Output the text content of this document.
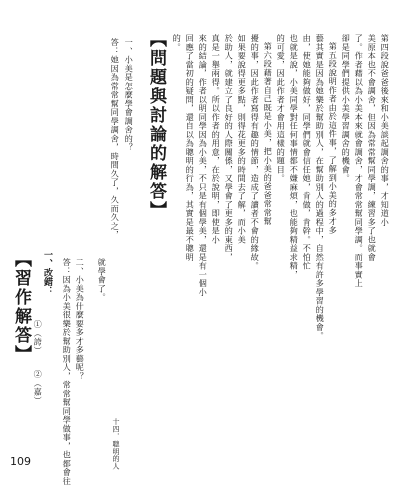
第四段說爸爸後來和小美談起調舍的事，才知道小
美原本也不會調舍，但因為常常幫同學調，練習多了也就會
了。作者藉以為小美本來就會調舍，才會常常幫同學調。而事實上
卻是同學們提供小美學習調舍的機會。
第五段說明作者由於這件事，了解到小美的多才多
藝其實是因為她樂於幫助別人，在幫助別人的過程中，自然有許多學習的機會。
由，使她能夠做好，同學們就會信任她，肯做，肯幹。不怕忙
也就是說，小美同學對任何事情都不嫌麻煩，也能夠精益求精，
的可愛，因此作者才會用這樣的題目。
第六段藉著自己既是小美，把小美的爸爸常常幫
擾的事，因此作者寫得有趣的情節，造成了讀者不會的緣故。
如果要說得更多點，則得花更多的時間去了解，而小美
於助人，就建立了良好的人際關係，又學會了更多的東西，
真是一舉兩得。所以作者的用意，在於說明，即使是小
來的結論，作者以明同學因為小美，不只是有個學美，還是有一個小
回應了當初的疑問，還自以為聰明的行為，其實是最不聰明
的。
【問題與討論的解答】
一、小美是怎麼學會調舍的？
答：她因為常常幫同學調舍，時間久了，久而久之，
就學會了。
十四．聰明的人
二、小美為什麼要多才多藝呢？
答：因為小美很樂於幫助別人，常常幫同學做事，也都會往
【習作解答】 一、改錯：
①（誇）
②（嘉）
109
